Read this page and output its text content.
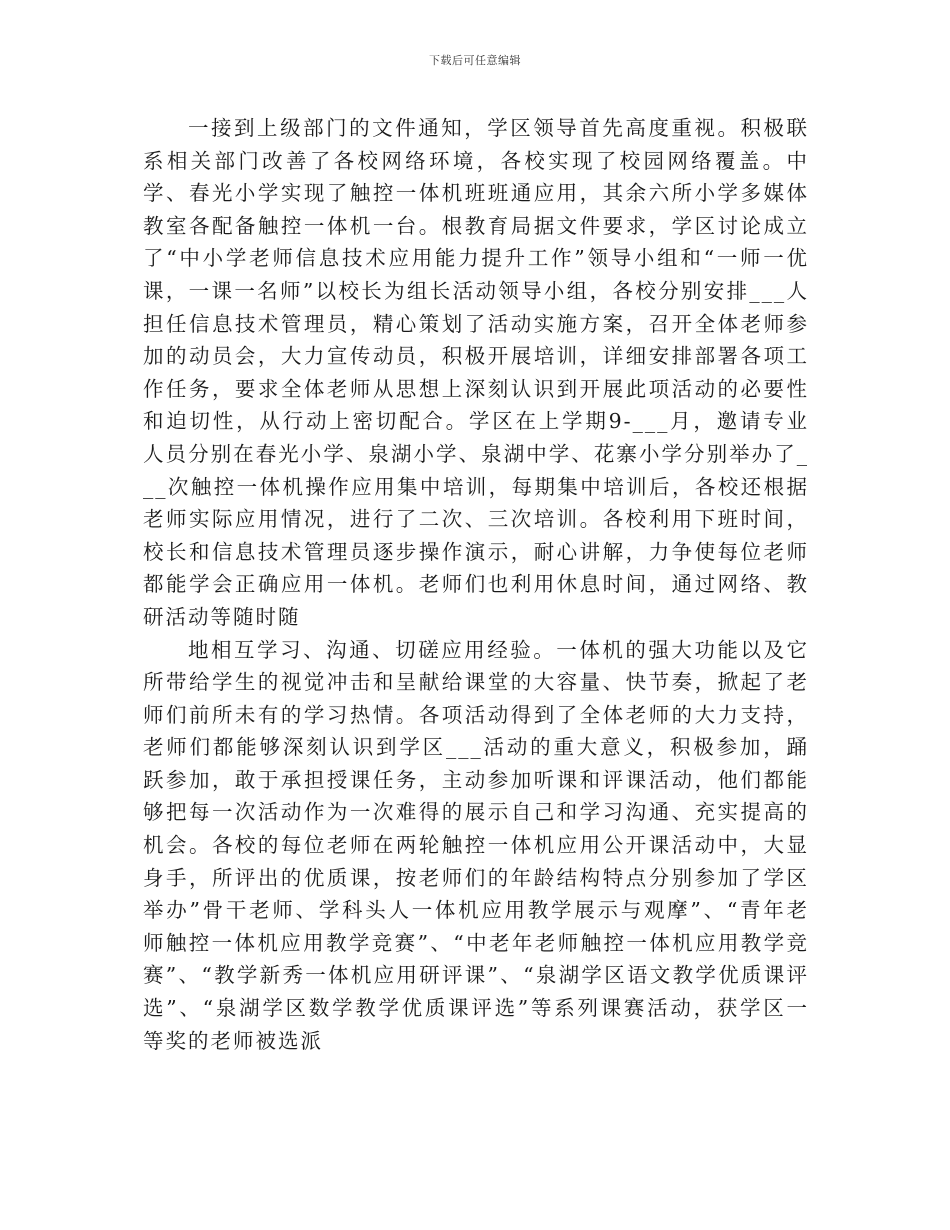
下载后可任意编辑

一接到上级部门的文件通知，学区领导首先高度重视。积极联系相关部门改善了各校网络环境，各校实现了校园网络覆盖。中学、春光小学实现了触控一体机班班通应用，其余六所小学多媒体教室各配备触控一体机一台。根教育局据文件要求，学区讨论成立了“中小学老师信息技术应用能力提升工作”领导小组和“一师一优课，一课一名师”以校长为组长活动领导小组，各校分别安排___人担任信息技术管理员，精心策划了活动实施方案，召开全体老师参加的动员会，大力宣传动员，积极开展培训，详细安排部署各项工作任务，要求全体老师从思想上深刻认识到开展此项活动的必要性和迫切性，从行动上密切配合。学区在上学期9-___月，邀请专业人员分别在春光小学、泉湖小学、泉湖中学、花寨小学分别举办了___次触控一体机操作应用集中培训，每期集中培训后，各校还根据老师实际应用情况，进行了二次、三次培训。各校利用下班时间，校长和信息技术管理员逐步操作演示，耐心讲解，力争使每位老师都能学会正确应用一体机。老师们也利用休息时间，通过网络、教研活动等随时随

地相互学习、沟通、切磋应用经验。一体机的强大功能以及它所带给学生的视觉冲击和呈献给课堂的大容量、快节奏，掀起了老师们前所未有的学习热情。各项活动得到了全体老师的大力支持，老师们都能够深刻认识到学区___活动的重大意义，积极参加，踊跃参加，敢于承担授课任务，主动参加听课和评课活动，他们都能够把每一次活动作为一次难得的展示自己和学习沟通、充实提高的机会。各校的每位老师在两轮触控一体机应用公开课活动中，大显身手，所评出的优质课，按老师们的年龄结构特点分别参加了学区举办”骨干老师、学科头人一体机应用教学展示与观摩”、“青年老师触控一体机应用教学竞赛”、“中老年老师触控一体机应用教学竞赛”、“教学新秀一体机应用研评课”、“泉湖学区语文教学优质课评选”、“泉湖学区数学教学优质课评选”等系列课赛活动，获学区一等奖的老师被选派
